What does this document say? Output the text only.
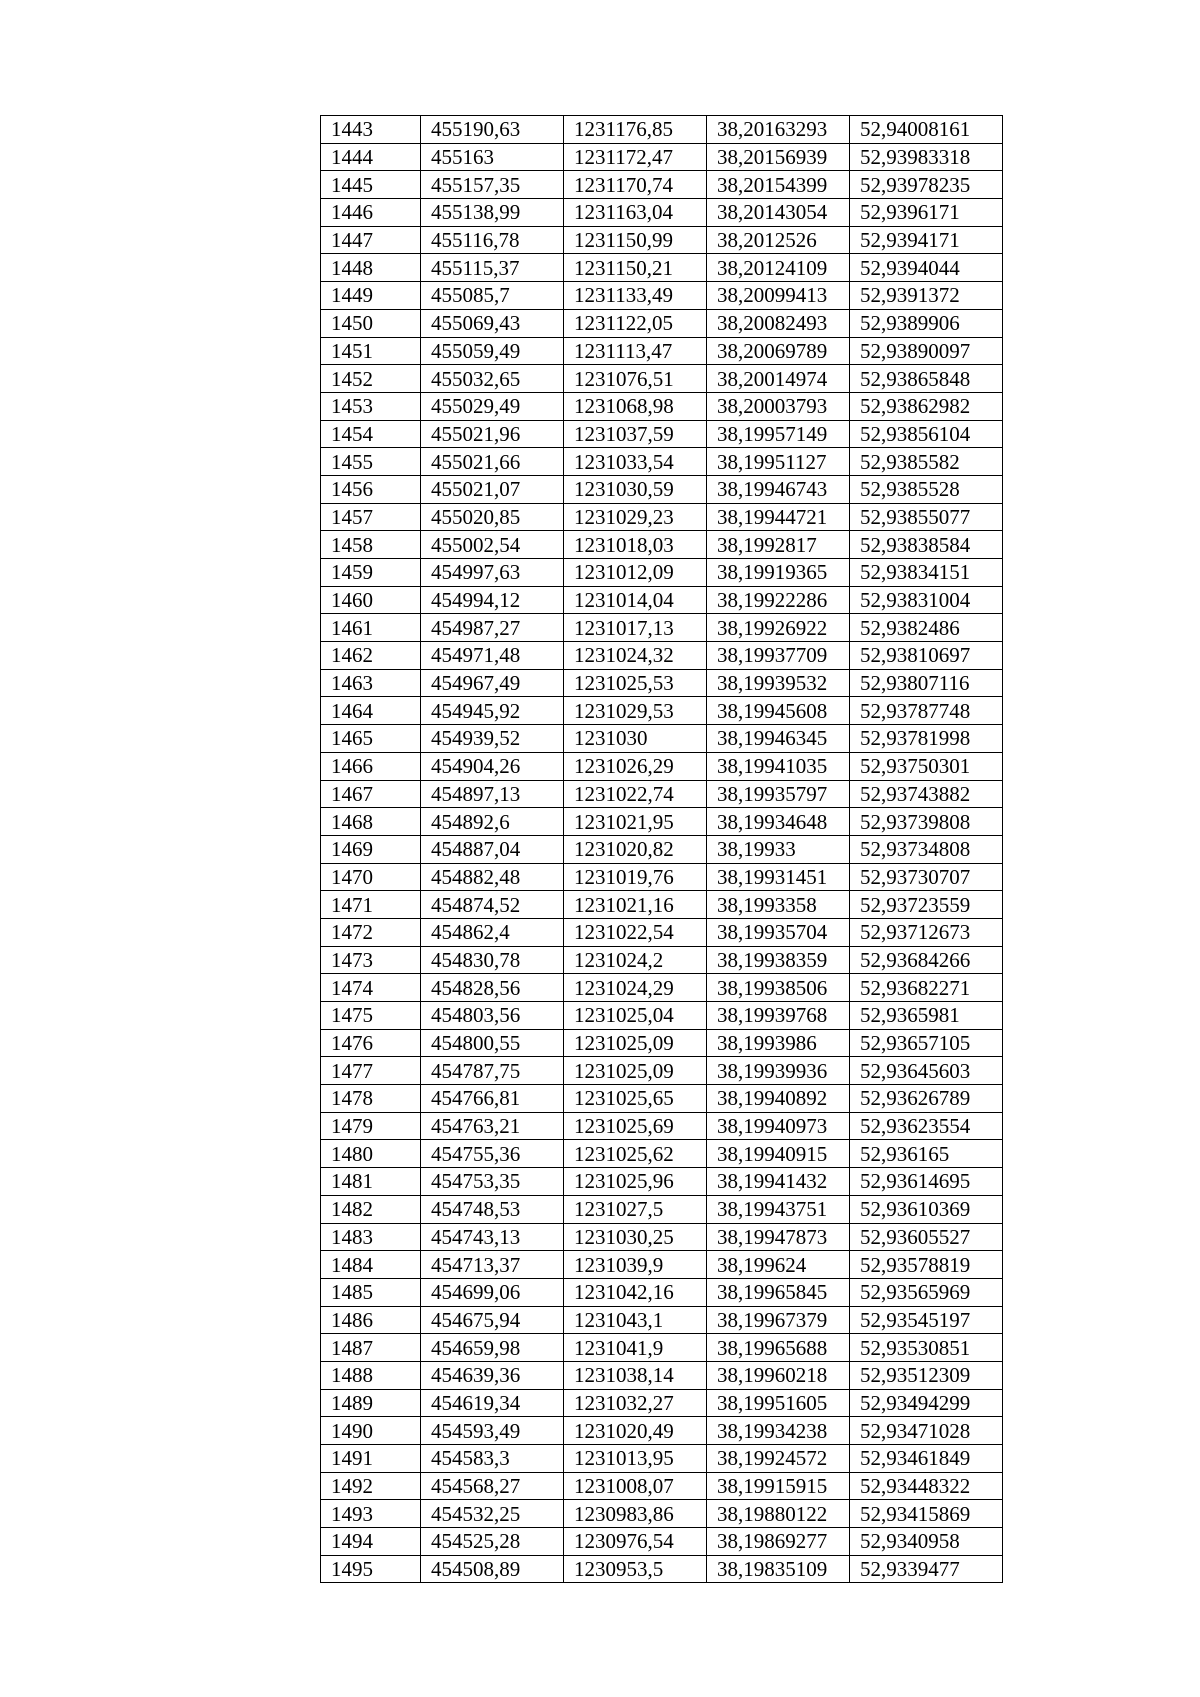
1443	455190,63	1231176,85	38,20163293	52,94008161
1444	455163	1231172,47	38,20156939	52,93983318
1445	455157,35	1231170,74	38,20154399	52,93978235
1446	455138,99	1231163,04	38,20143054	52,9396171
1447	455116,78	1231150,99	38,2012526	52,9394171
1448	455115,37	1231150,21	38,20124109	52,9394044
1449	455085,7	1231133,49	38,20099413	52,9391372
1450	455069,43	1231122,05	38,20082493	52,9389906
1451	455059,49	1231113,47	38,20069789	52,93890097
1452	455032,65	1231076,51	38,20014974	52,93865848
1453	455029,49	1231068,98	38,20003793	52,93862982
1454	455021,96	1231037,59	38,19957149	52,93856104
1455	455021,66	1231033,54	38,19951127	52,9385582
1456	455021,07	1231030,59	38,19946743	52,9385528
1457	455020,85	1231029,23	38,19944721	52,93855077
1458	455002,54	1231018,03	38,1992817	52,93838584
1459	454997,63	1231012,09	38,19919365	52,93834151
1460	454994,12	1231014,04	38,19922286	52,93831004
1461	454987,27	1231017,13	38,19926922	52,9382486
1462	454971,48	1231024,32	38,19937709	52,93810697
1463	454967,49	1231025,53	38,19939532	52,93807116
1464	454945,92	1231029,53	38,19945608	52,93787748
1465	454939,52	1231030	38,19946345	52,93781998
1466	454904,26	1231026,29	38,19941035	52,93750301
1467	454897,13	1231022,74	38,19935797	52,93743882
1468	454892,6	1231021,95	38,19934648	52,93739808
1469	454887,04	1231020,82	38,19933	52,93734808
1470	454882,48	1231019,76	38,19931451	52,93730707
1471	454874,52	1231021,16	38,1993358	52,93723559
1472	454862,4	1231022,54	38,19935704	52,93712673
1473	454830,78	1231024,2	38,19938359	52,93684266
1474	454828,56	1231024,29	38,19938506	52,93682271
1475	454803,56	1231025,04	38,19939768	52,9365981
1476	454800,55	1231025,09	38,1993986	52,93657105
1477	454787,75	1231025,09	38,19939936	52,93645603
1478	454766,81	1231025,65	38,19940892	52,93626789
1479	454763,21	1231025,69	38,19940973	52,93623554
1480	454755,36	1231025,62	38,19940915	52,936165
1481	454753,35	1231025,96	38,19941432	52,93614695
1482	454748,53	1231027,5	38,19943751	52,93610369
1483	454743,13	1231030,25	38,19947873	52,93605527
1484	454713,37	1231039,9	38,199624	52,93578819
1485	454699,06	1231042,16	38,19965845	52,93565969
1486	454675,94	1231043,1	38,19967379	52,93545197
1487	454659,98	1231041,9	38,19965688	52,93530851
1488	454639,36	1231038,14	38,19960218	52,93512309
1489	454619,34	1231032,27	38,19951605	52,93494299
1490	454593,49	1231020,49	38,19934238	52,93471028
1491	454583,3	1231013,95	38,19924572	52,93461849
1492	454568,27	1231008,07	38,19915915	52,93448322
1493	454532,25	1230983,86	38,19880122	52,93415869
1494	454525,28	1230976,54	38,19869277	52,9340958
1495	454508,89	1230953,5	38,19835109	52,9339477
